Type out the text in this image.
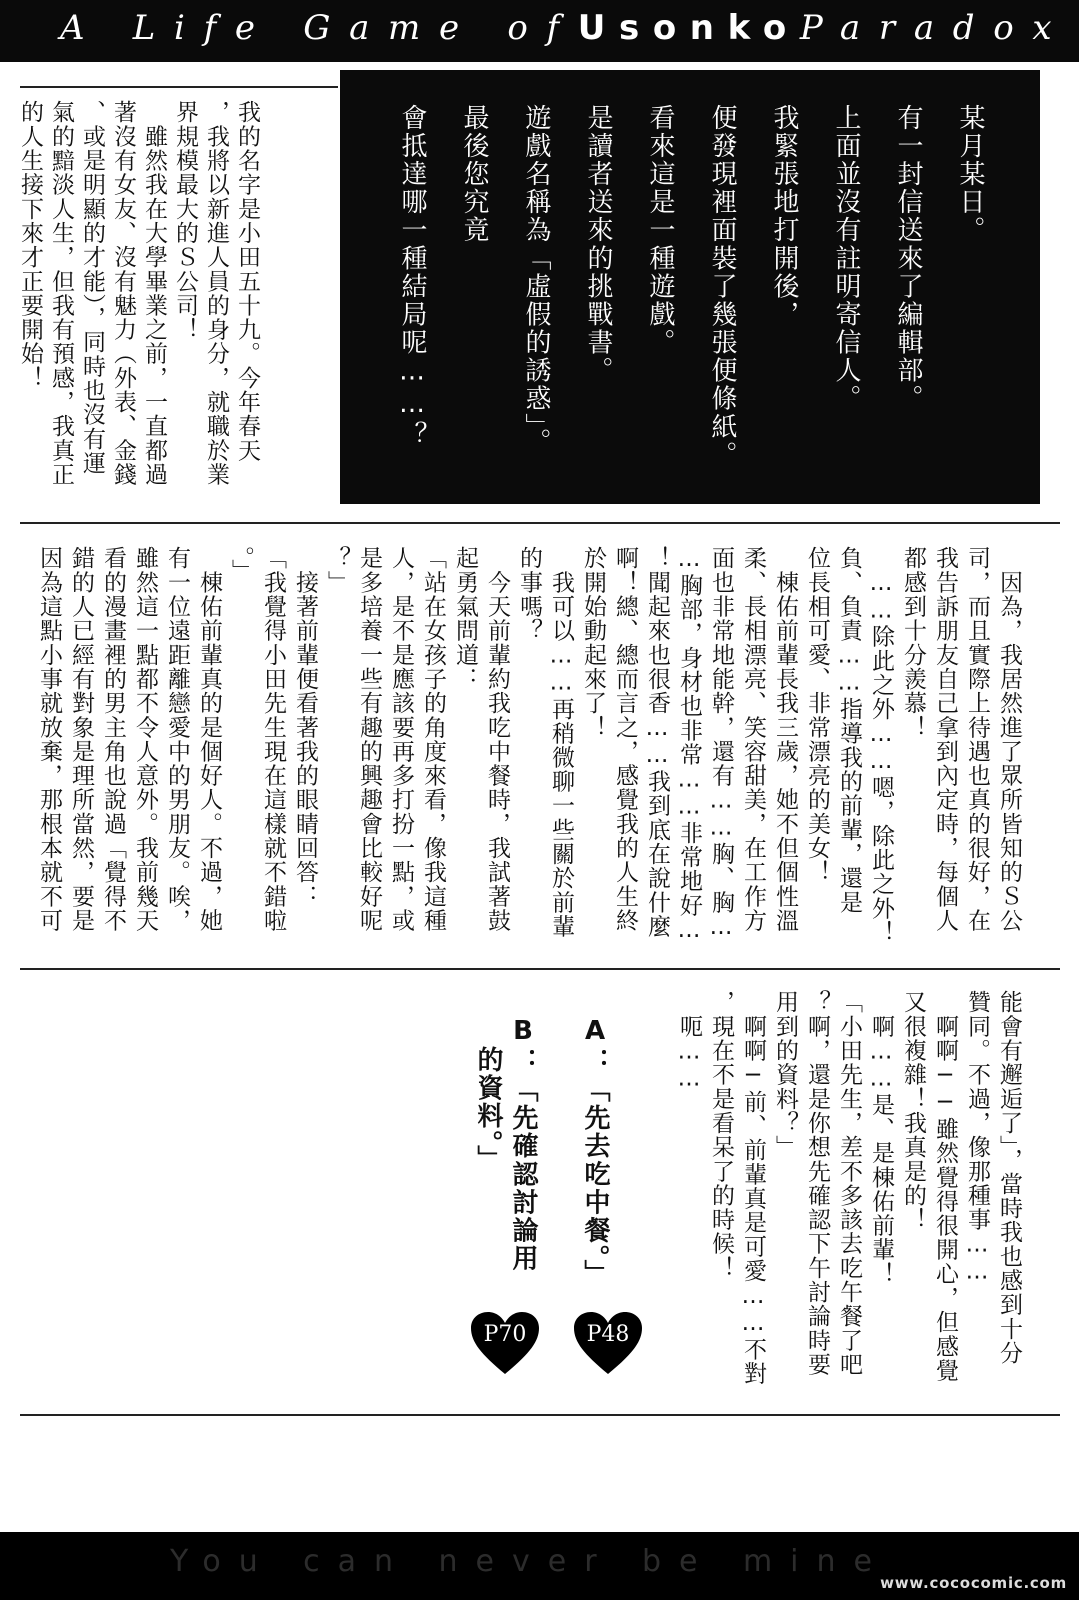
A Life Game of Usonko Paradox
某月某日。
有一封信送來了編輯部。
上面並沒有註明寄信人。
我緊張地打開後，
便發現裡面裝了幾張便條紙。
看來這是一種遊戲。
是讀者送來的挑戰書。
遊戲名稱為「虛假的誘惑」。
最後您究竟
會抵達哪一種結局呢……？
我的名字是小田五十九。今年春天
，我將以新進人員的身分，就職於業
界規模最大的Ｓ公司！
　雖然我在大學畢業之前，一直都過
著沒有女友、沒有魅力（外表、金錢
、或是明顯的才能），同時也沒有運
氣的黯淡人生，但我有預感，我真正
的人生接下來才正要開始！
　因為，我居然進了眾所皆知的Ｓ公
司，而且實際上待遇也真的很好，在
我告訴朋友自己拿到內定時，每個人
都感到十分羨慕！
　……除此之外……嗯，除此之外！
負、負責……指導我的前輩，還是
位長相可愛、非常漂亮的美女！
　棟佑前輩長我三歲，她不但個性溫
柔、長相漂亮、笑容甜美，在工作方
面也非常地能幹，還有……胸、胸…
…胸部，身材也非常……非常地好…
！聞起來也很香……我到底在說什麼
啊！總、總而言之，感覺我的人生終
於開始動起來了！
　我可以……再稍微聊一些關於前輩
的事嗎？
　今天前輩約我吃中餐時，我試著鼓
起勇氣問道：
「站在女孩子的角度來看，像我這種
人，是不是應該要再多打扮一點，或
是多培養一些有趣的興趣會比較好呢
？」
　接著前輩便看著我的眼睛回答：
「我覺得小田先生現在這樣就不錯啦
。」
　棟佑前輩真的是個好人。不過，她
有一位遠距離戀愛中的男朋友。唉，
雖然這一點都不令人意外。我前幾天
看的漫畫裡的男主角也說過「覺得不
錯的人已經有對象是理所當然，要是
因為這點小事就放棄，那根本就不可
能會有邂逅了」，當時我也感到十分
贊同。不過，像那種事……
　啊啊──雖然覺得很開心，但感覺
又很複雜！我真是的！
　啊……是、是棟佑前輩！
「小田先生，差不多該去吃午餐了吧
？啊，還是你想先確認下午討論時要
用到的資料？」
　啊啊─前、前輩真是可愛……不對
，現在不是看呆了的時候！
　呃……
A：「先去吃中餐。」
B：「先確認討論用
的資料。」
P48
P70
You can never be mine
www.cococomic.com
